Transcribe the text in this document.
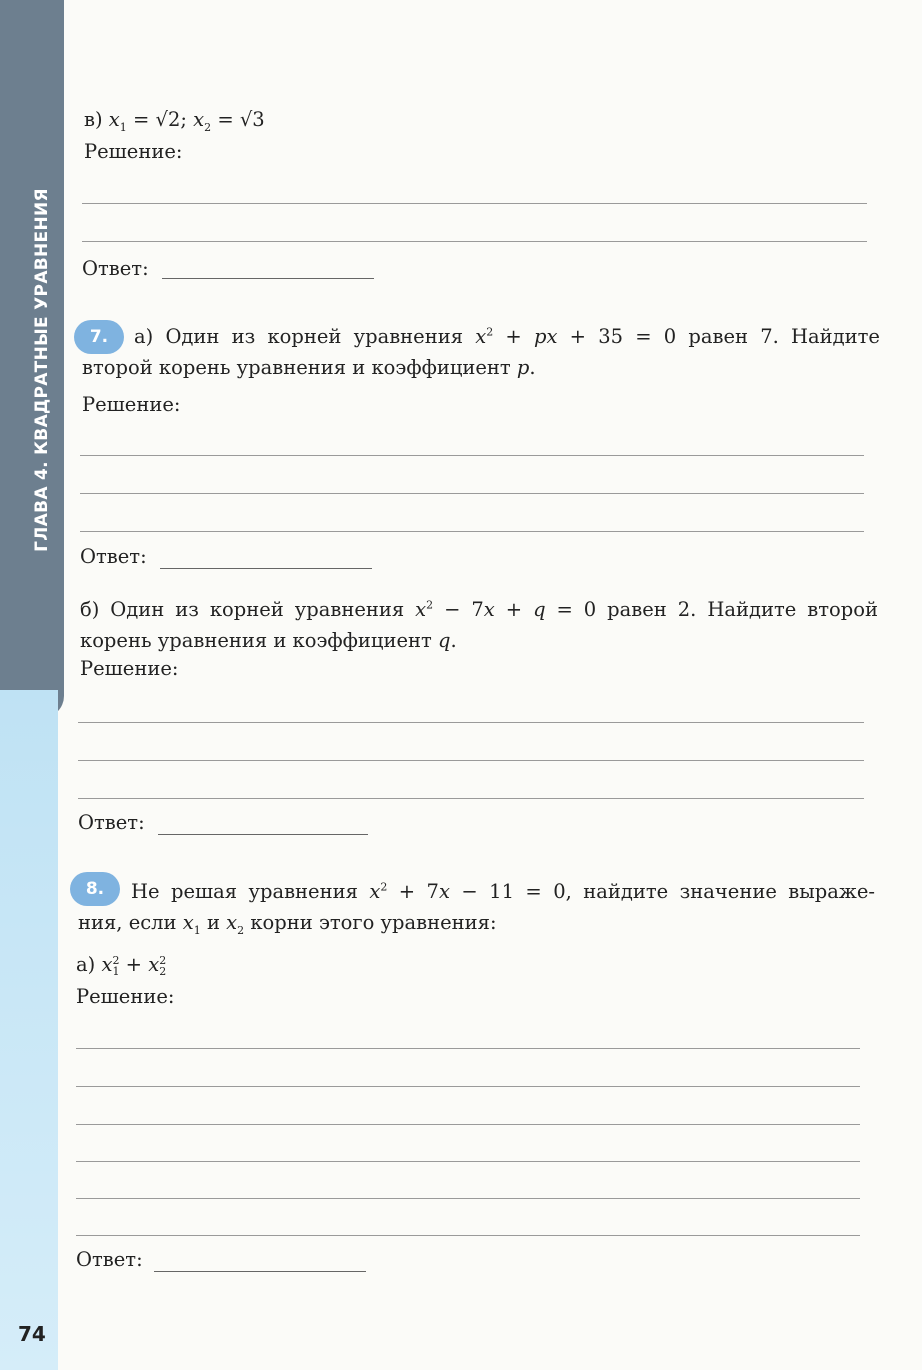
ГЛАВА 4. КВАДРАТНЫЕ УРАВНЕНИЯ
74
в) $x_1 = √2$; $x_2 = √3$
Решение:
Ответ:
7.	а) Один из корней уравнения $x^2$ + px + 35 = 0 равен 7. Найдите
второй корень уравнения и коэффициент p.
Решение:
Ответ:
б) Один из корней уравнения $x^2 - 7x + q = 0$ равен 2. Найдите второй
корень уравнения и коэффициент q.
Решение:
Ответ:
8.	Не решая уравнения $x^2 + 7x - 11 = 0$, найдите значение выраже-
ния, если $x_1$ и $x_2$ корни этого уравнения:
а) x 2
1 + x 2
2
Решение:
Ответ:
